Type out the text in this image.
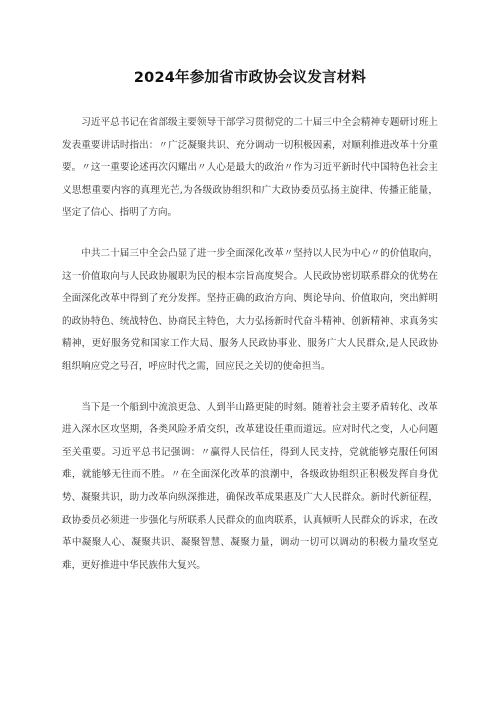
2024年参加省市政协会议发言材料

习近平总书记在省部级主要领导干部学习贯彻党的二十届三中全会精神专题研讨班上发表重要讲话时指出：〃广泛凝聚共识、充分调动一切积极因素，对顺利推进改革十分重要。〃这一重要论述再次闪耀出〃人心是最大的政治〃作为习近平新时代中国特色社会主义思想重要内容的真理光芒,为各级政协组织和广大政协委员弘扬主旋律、传播正能量，坚定了信心、指明了方向。

中共二十届三中全会凸显了进一步全面深化改革〃坚持以人民为中心〃的价值取向，这一价值取向与人民政协履职为民的根本宗旨高度契合。人民政协密切联系群众的优势在全面深化改革中得到了充分发挥。坚持正确的政治方向、舆论导向、价值取向，突出鲜明的政协特色、统战特色、协商民主特色，大力弘扬新时代奋斗精神、创新精神、求真务实精神，更好服务党和国家工作大局、服务人民政协事业、服务广大人民群众,是人民政协组织响应党之号召，呼应时代之需，回应民之关切的使命担当。

当下是一个船到中流浪更急、人到半山路更陡的时刻。随着社会主要矛盾转化、改革进入深水区攻坚期，各类风险矛盾交织，改革建设任重而道远。应对时代之变，人心问题至关重要。习近平总书记强调：〃赢得人民信任，得到人民支持，党就能够克服任何困难，就能够无往而不胜。〃在全面深化改革的浪潮中，各级政协组织正积极发挥自身优势、凝聚共识，助力改革向纵深推进，确保改革成果惠及广大人民群众。新时代新征程，政协委员必须进一步强化与所联系人民群众的血肉联系，认真倾听人民群众的诉求，在改革中凝聚人心、凝聚共识、凝聚智慧、凝聚力量，调动一切可以调动的积极力量攻坚克难，更好推进中华民族伟大复兴。
